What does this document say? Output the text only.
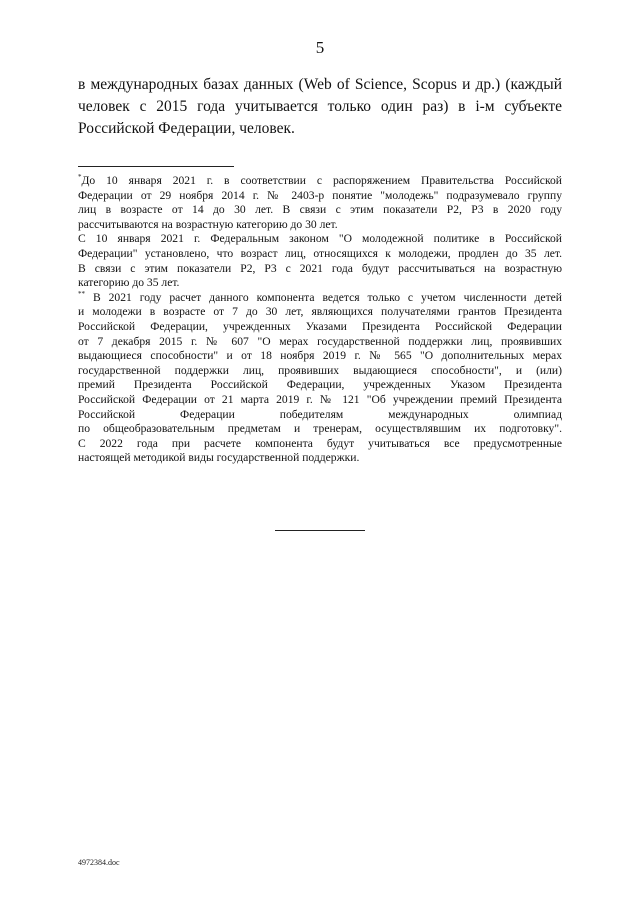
5
в международных базах данных (Web of Science, Scopus и др.) (каждый
человек с 2015 года учитывается только один раз) в i-м субъекте
Российской Федерации, человек.
*До 10 января 2021 г. в соответствии с распоряжением Правительства Российской
Федерации от 29 ноября 2014 г. № 2403-р понятие "молодежь" подразумевало группу
лиц в возрасте от 14 до 30 лет. В связи с этим показатели Р2, Р3 в 2020 году
рассчитываются на возрастную категорию до 30 лет.
С 10 января 2021 г. Федеральным законом "О молодежной политике в Российской
Федерации" установлено, что возраст лиц, относящихся к молодежи, продлен до 35 лет.
В связи с этим показатели Р2, Р3 с 2021 года будут рассчитываться на возрастную
категорию до 35 лет.
** В 2021 году расчет данного компонента ведется только с учетом численности детей
и молодежи в возрасте от 7 до 30 лет, являющихся получателями грантов Президента
Российской Федерации, учрежденных Указами Президента Российской Федерации
от 7 декабря 2015 г. № 607 "О мерах государственной поддержки лиц, проявивших
выдающиеся способности" и от 18 ноября 2019 г. № 565 "О дополнительных мерах
государственной поддержки лиц, проявивших выдающиеся способности", и (или)
премий Президента Российской Федерации, учрежденных Указом Президента
Российской Федерации от 21 марта 2019 г. № 121 "Об учреждении премий Президента
Российской Федерации победителям международных олимпиад
по общеобразовательным предметам и тренерам, осуществлявшим их подготовку".
С 2022 года при расчете компонента будут учитываться все предусмотренные
настоящей методикой виды государственной поддержки.
4972384.doc
